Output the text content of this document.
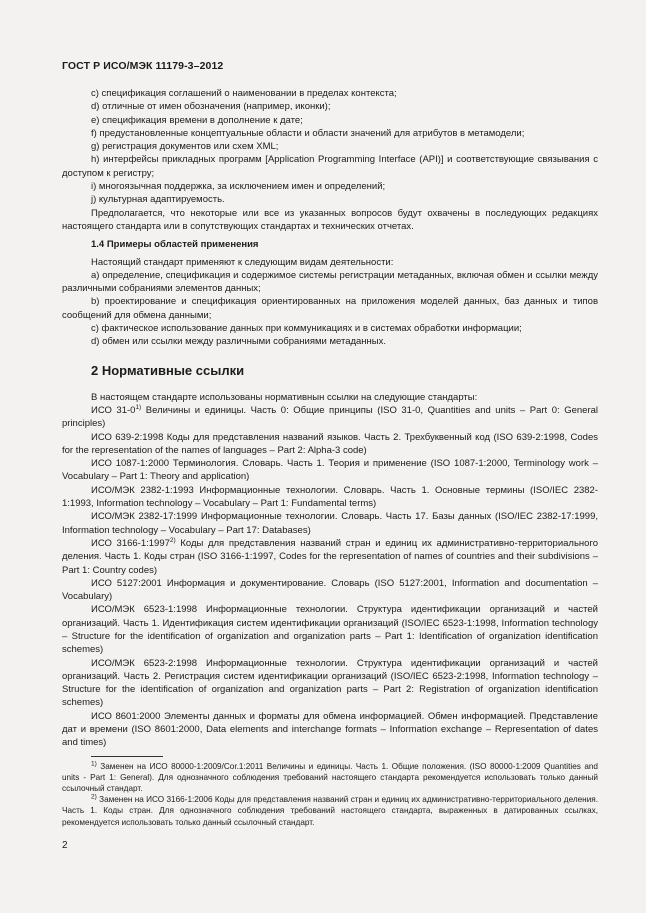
ГОСТ Р ИСО/МЭК 11179-3–2012

c) спецификация соглашений о наименовании в пределах контекста;

d) отличные от имен обозначения (например, иконки);

e) спецификация времени в дополнение к дате;

f) предустановленные концептуальные области и области значений для атрибутов в метамодели;

g) регистрация документов или схем XML;

h) интерфейсы прикладных программ [Application Programming Interface (API)] и соответствующие связывания с доступом к регистру;

i) многоязычная поддержка, за исключением имен и определений;

j) культурная адаптируемость.

Предполагается, что некоторые или все из указанных вопросов будут охвачены в последующих редакциях настоящего стандарта или в сопутствующих стандартах и технических отчетах.

1.4 Примеры областей применения

Настоящий стандарт применяют к следующим видам деятельности:

a) определение, спецификация и содержимое системы регистрации метаданных, включая обмен и ссылки между различными собраниями элементов данных;

b) проектирование и спецификация ориентированных на приложения моделей данных, баз данных и типов сообщений для обмена данными;

c) фактическое использование данных при коммуникациях и в системах обработки информации;

d) обмен или ссылки между различными собраниями метаданных.

2 Нормативные ссылки

В настоящем стандарте использованы нормативнын ссылки на следующие стандарты:

ИСО 31-0$^{1)}$ Величины и единицы. Часть 0: Общие принципы (ISO 31-0, Quantities and units – Part 0: General principles)

ИСО 639-2:1998 Коды для представления названий языков. Часть 2. Трехбуквенный код (ISO 639-2:1998, Codes for the representation of the names of languages – Part 2: Alpha-3 code)

ИСО 1087-1:2000 Терминология. Словарь. Часть 1. Теория и применение (ISO 1087-1:2000, Terminology work – Vocabulary – Part 1: Theory and application)

ИСО/МЭК 2382-1:1993 Информационные технологии. Словарь. Часть 1. Основные термины (ISO/IEC 2382-1:1993, Information technology – Vocabulary – Part 1: Fundamental terms)

ИСО/МЭК 2382-17:1999 Информационные технологии. Словарь. Часть 17. Базы данных (ISO/IEC 2382-17:1999, Information technology – Vocabulary – Part 17: Databases)

ИСО 3166-1:1997$^{2)}$ Коды для представления названий стран и единиц их административно-территориального деления. Часть 1. Коды стран (ISO 3166-1:1997, Codes for the representation of names of countries and their subdivisions – Part 1: Country codes)

ИСО 5127:2001 Информация и документирование. Словарь (ISO 5127:2001, Information and documentation – Vocabulary)

ИСО/МЭК 6523-1:1998 Информационные технологии. Структура идентификации организаций и частей организаций. Часть 1. Идентификация систем идентификации организаций (ISO/IEC 6523-1:1998, Information technology – Structure for the identification of organization and organization parts – Part 1: Identification of organization identification schemes)

ИСО/МЭК 6523-2:1998 Информационные технологии. Структура идентификации организаций и частей организаций. Часть 2. Регистрация систем идентификации организаций (ISO/IEC 6523-2:1998, Information technology – Structure for the identification of organization and organization parts – Part 2: Registration of organization identification schemes)

ИСО 8601:2000 Элементы данных и форматы для обмена информацией. Обмен информацией. Представление дат и времени (ISO 8601:2000, Data elements and interchange formats – Information exchange – Representation of dates and times)

$^{1)}$ Заменен на ИСО 80000-1:2009/Cor.1:2011 Величины и единицы. Часть 1. Общие положения. (ISO 80000-1:2009 Quantities and units - Part 1: General). Для однозначного соблюдения требований настоящего стандарта рекомендуется использовать только данный ссылочный стандарт.

$^{2)}$ Заменен на ИСО 3166-1:2006 Коды для представления названий стран и единиц их административно-территориального деления. Часть 1. Коды стран. Для однозначного соблюдения требований настоящего стандарта, выраженных в датированных ссылках, рекомендуется использовать только данный ссылочный стандарт.

2
